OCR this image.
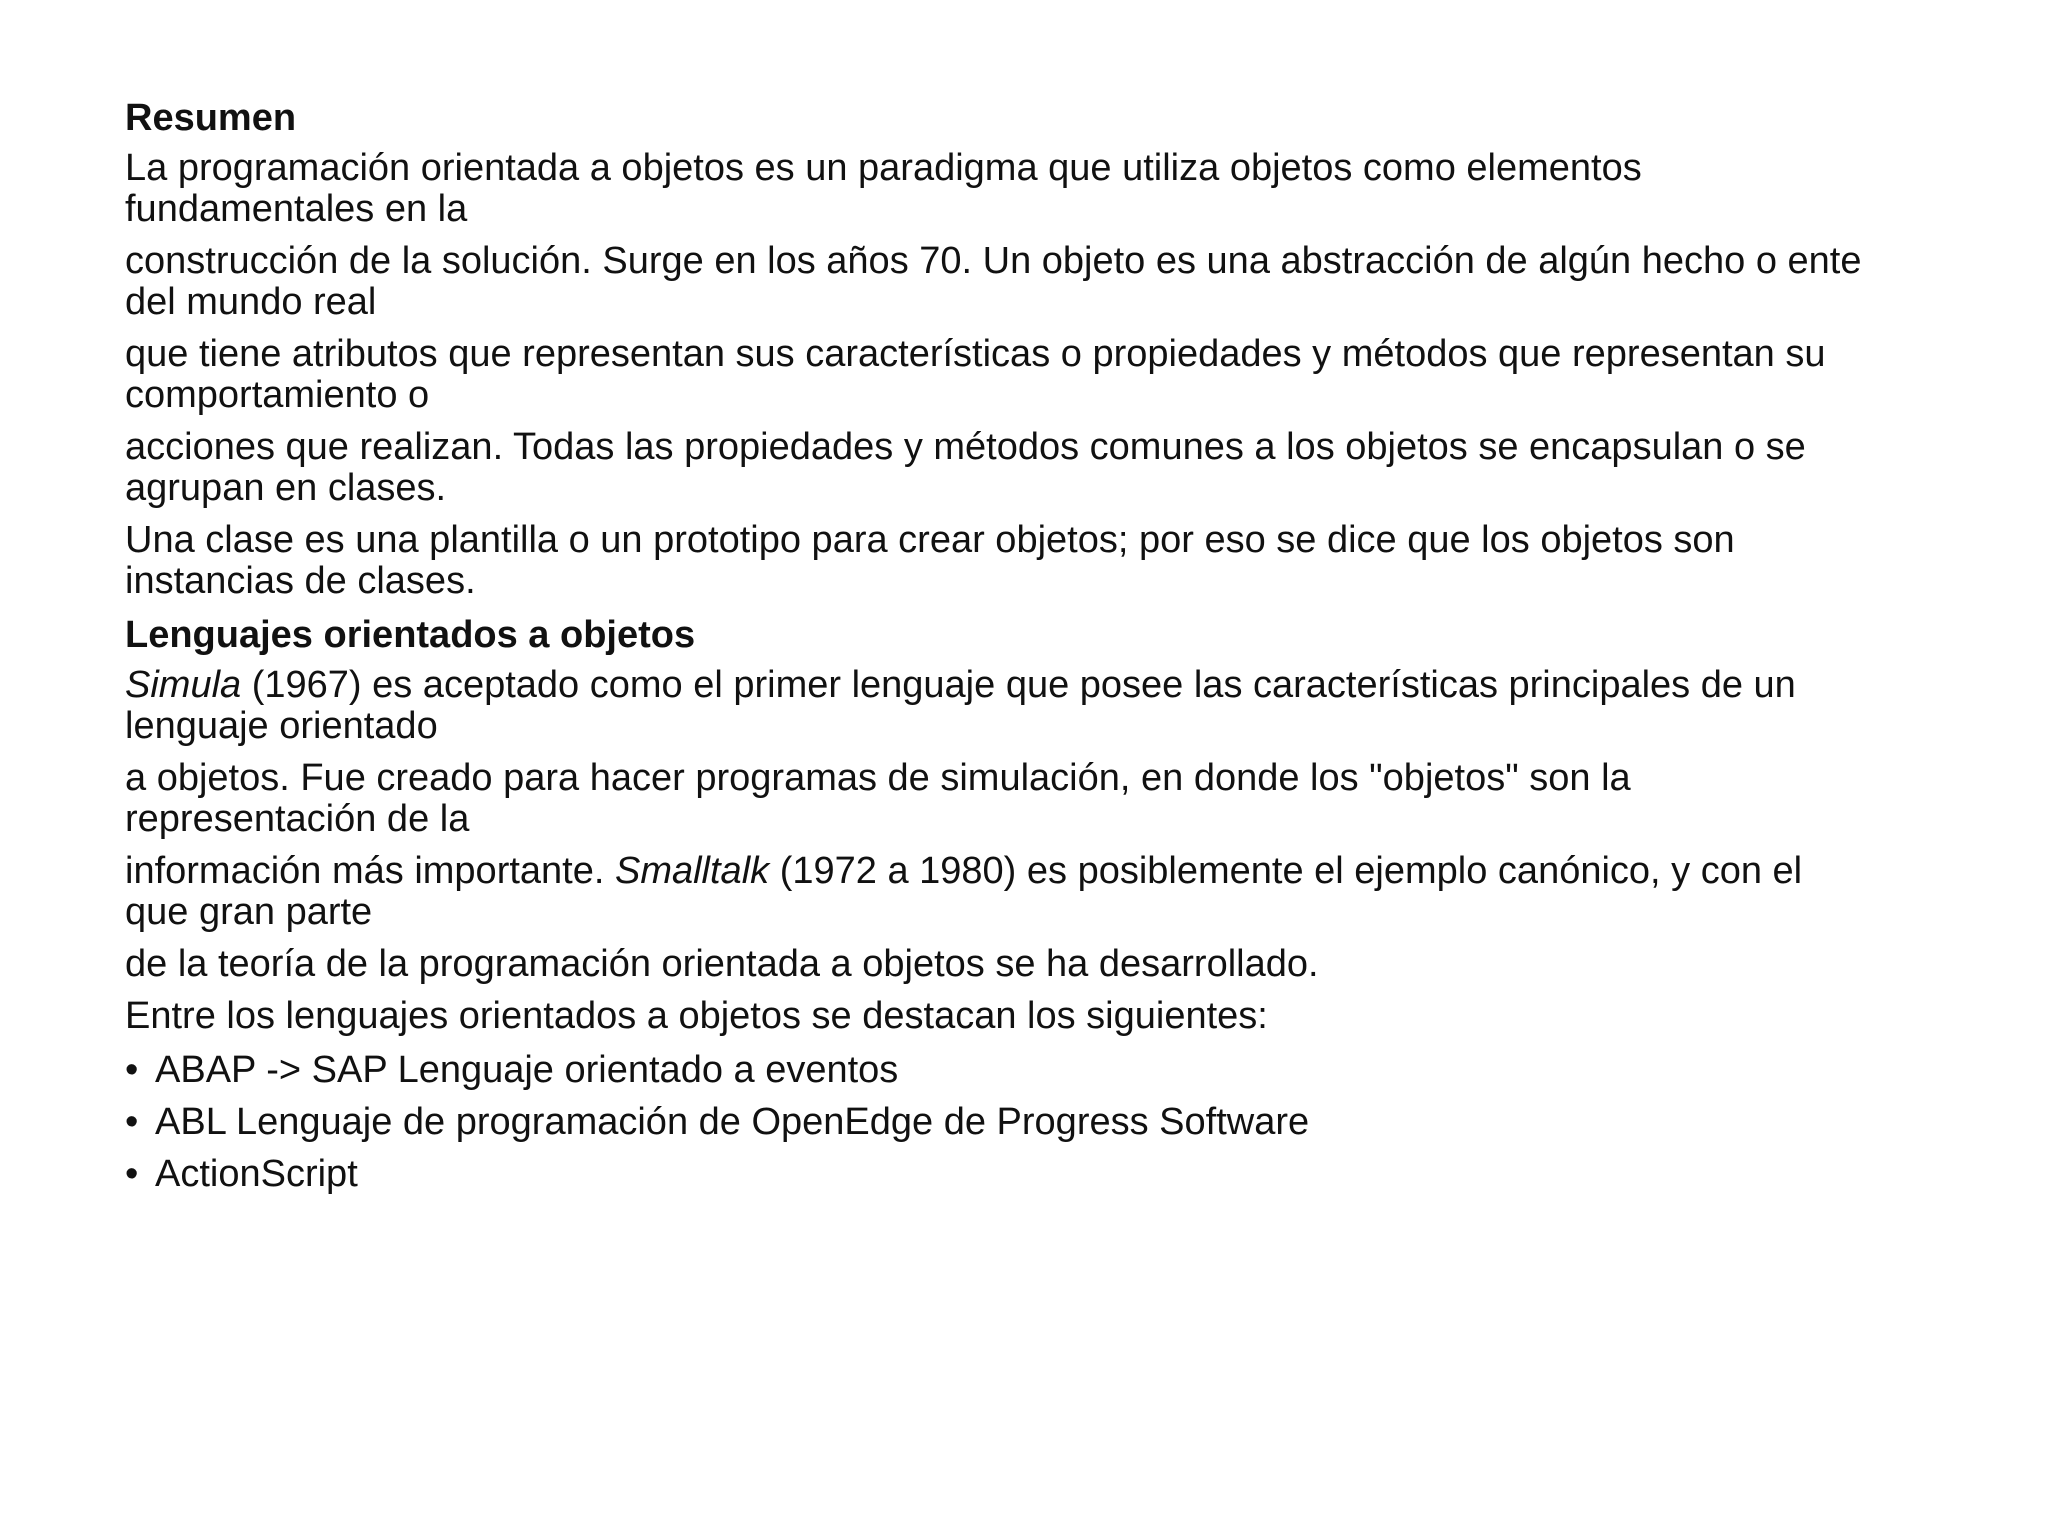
Resumen
La programación orientada a objetos es un paradigma que utiliza objetos como elementos
fundamentales en la
construcción de la solución. Surge en los años 70. Un objeto es una abstracción de algún hecho o ente
del mundo real
que tiene atributos que representan sus características o propiedades y métodos que representan su
comportamiento o
acciones que realizan. Todas las propiedades y métodos comunes a los objetos se encapsulan o se
agrupan en clases.
Una clase es una plantilla o un prototipo para crear objetos; por eso se dice que los objetos son
instancias de clases.
Lenguajes orientados a objetos
Simula (1967) es aceptado como el primer lenguaje que posee las características principales de un
lenguaje orientado
a objetos. Fue creado para hacer programas de simulación, en donde los "objetos" son la
representación de la
información más importante. Smalltalk (1972 a 1980) es posiblemente el ejemplo canónico, y con el
que gran parte
de la teoría de la programación orientada a objetos se ha desarrollado.
Entre los lenguajes orientados a objetos se destacan los siguientes:
• ABAP -> SAP Lenguaje orientado a eventos
• ABL Lenguaje de programación de OpenEdge de Progress Software
• ActionScript
